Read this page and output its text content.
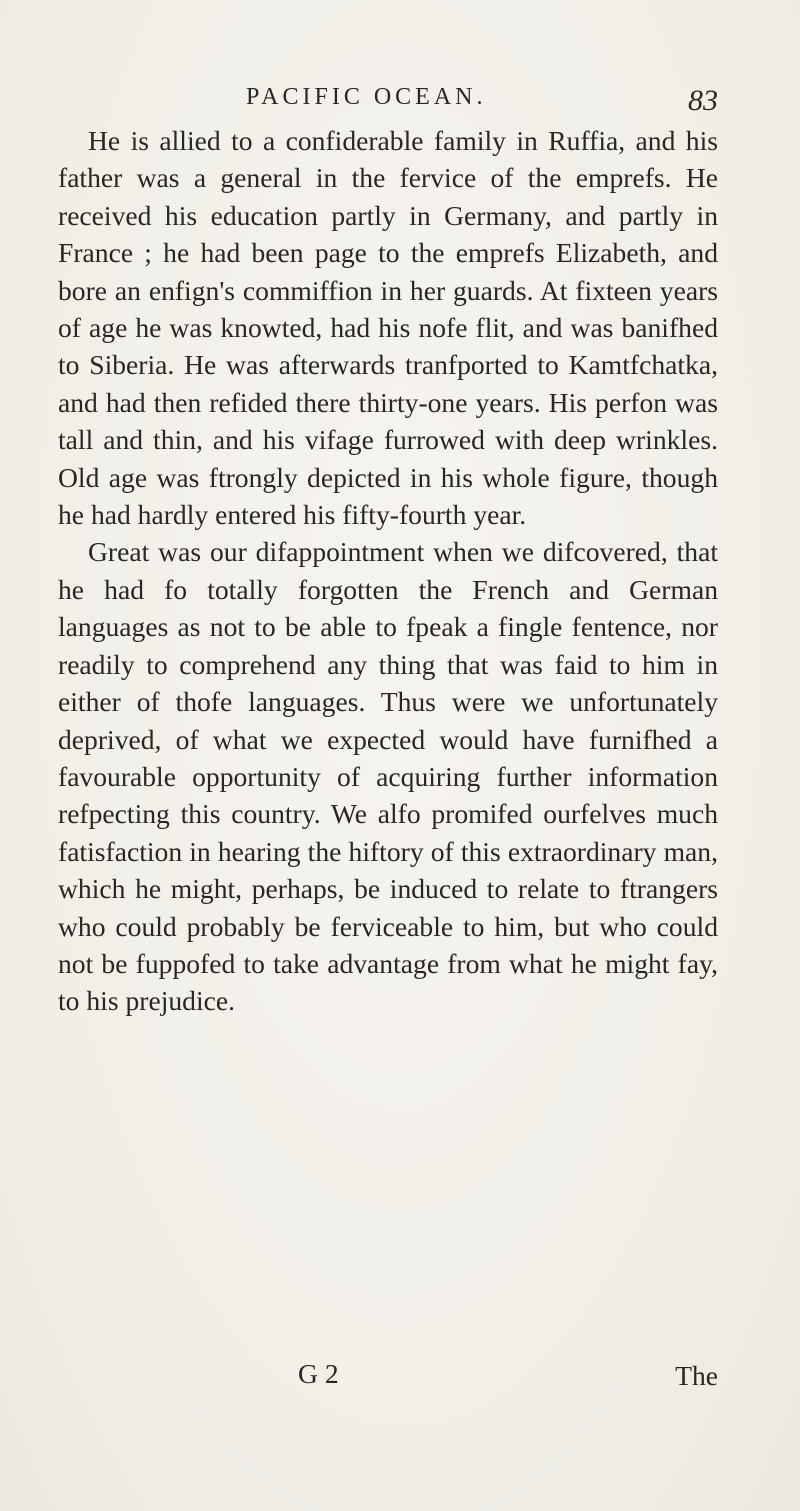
PACIFIC OCEAN.	83

He is allied to a confiderable family in Ruffia, and his father was a general in the fervice of the emprefs. He received his education partly in Germany, and partly in France ; he had been page to the emprefs Elizabeth, and bore an enfign's commiffion in her guards. At fixteen years of age he was knowted, had his nofe flit, and was banifhed to Siberia. He was afterwards tranfported to Kamtfchatka, and had then refided there thirty-one years. His perfon was tall and thin, and his vifage furrowed with deep wrinkles. Old age was ftrongly depicted in his whole figure, though he had hardly entered his fifty-fourth year.

Great was our difappointment when we difcovered, that he had fo totally forgotten the French and German languages as not to be able to fpeak a fingle fentence, nor readily to comprehend any thing that was faid to him in either of thofe languages. Thus were we unfortunately deprived, of what we expected would have furnifhed a favourable opportunity of acquiring further information refpecting this country. We alfo promifed ourfelves much fatisfaction in hearing the hiftory of this extraordinary man, which he might, perhaps, be induced to relate to ftrangers who could probably be ferviceable to him, but who could not be fuppofed to take advantage from what he might fay, to his prejudice.

G 2	The
